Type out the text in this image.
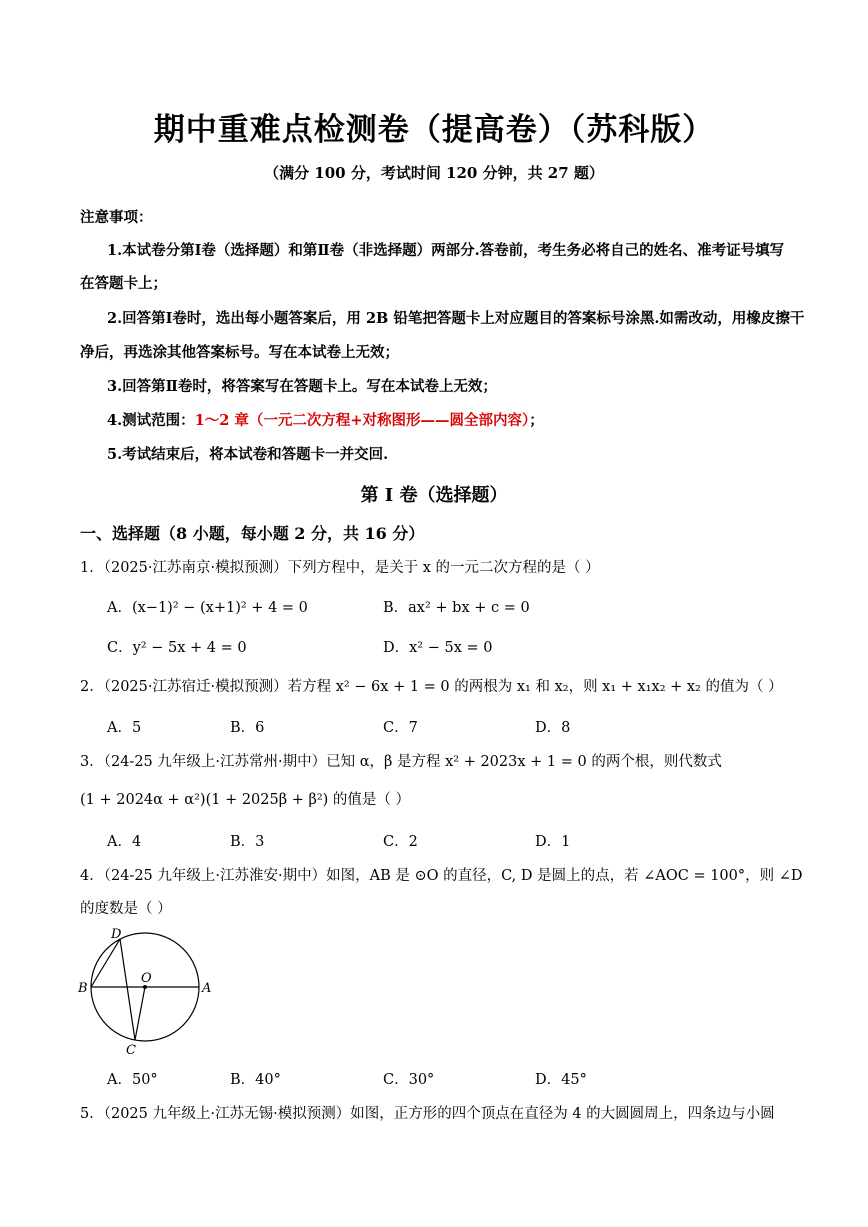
期中重难点检测卷（提高卷）（苏科版）
（满分 100 分，考试时间 120 分钟，共 27 题）
注意事项：
1.本试卷分第Ⅰ卷（选择题）和第Ⅱ卷（非选择题）两部分.答卷前，考生务必将自己的姓名、准考证号填写
在答题卡上；
2.回答第Ⅰ卷时，选出每小题答案后，用 2B 铅笔把答题卡上对应题目的答案标号涂黑.如需改动，用橡皮擦干
净后，再选涂其他答案标号。写在本试卷上无效；
3.回答第Ⅱ卷时，将答案写在答题卡上。写在本试卷上无效；
4.测试范围：1～2 章（一元二次方程+对称图形——圆全部内容）；
5.考试结束后，将本试卷和答题卡一并交回.
第 I 卷（选择题）
一、选择题（8 小题，每小题 2 分，共 16 分）
1．（2025·江苏南京·模拟预测）下列方程中，是关于 x 的一元二次方程的是（ ）
A．(x−1)² − (x+1)² + 4 = 0	B．ax² + bx + c = 0
C．y² − 5x + 4 = 0	D．x² − 5x = 0
2．（2025·江苏宿迁·模拟预测）若方程 x² − 6x + 1 = 0 的两根为 x₁ 和 x₂，则 x₁ + x₁x₂ + x₂ 的值为（ ）
A．5	B．6	C．7	D．8
3．（24-25 九年级上·江苏常州·期中）已知 α，β 是方程 x² + 2023x + 1 = 0 的两个根，则代数式
(1 + 2024α + α²)(1 + 2025β + β²) 的值是（ ）
A．4	B．3	C．2	D．1
4．（24-25 九年级上·江苏淮安·期中）如图，AB 是 ⊙O 的直径，C, D 是圆上的点，若 ∠AOC = 100°，则 ∠D
的度数是（ ）
D
O
B	A
C
A．50°	B．40°	C．30°	D．45°
5．（2025 九年级上·江苏无锡·模拟预测）如图，正方形的四个顶点在直径为 4 的大圆圆周上，四条边与小圆
